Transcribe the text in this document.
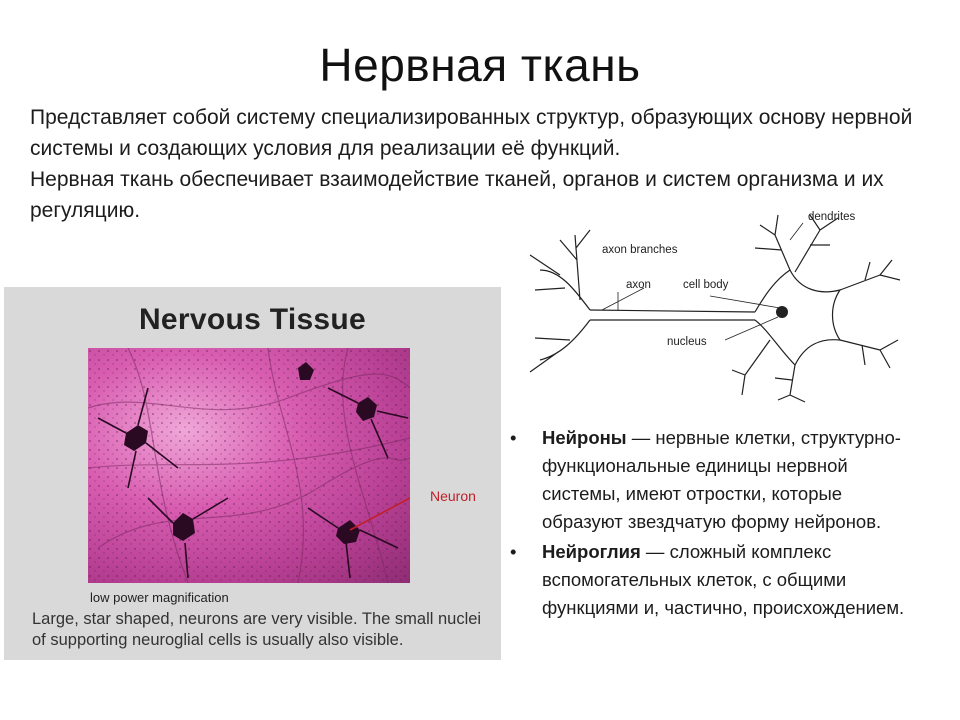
Нервная ткань

Представляет собой систему специализированных структур, образующих основу нервной системы и создающих условия для реализации её функций.

Нервная ткань обеспечивает взаимодействие тканей, органов и систем организма и их регуляцию.

Nervous Tissue
Neuron
low power magnification
Large, star shaped, neurons are very visible. The small nuclei of supporting neuroglial cells is usually also visible.
axon branches
axon	cell body
dendrites
nucleus
• Нейроны — нервные клетки, структурно-функциональные единицы нервной системы, имеют отростки, которые образуют звездчатую форму нейронов.
• Нейроглия — сложный комплекс вспомогательных клеток, с общими функциями и, частично, происхождением.
